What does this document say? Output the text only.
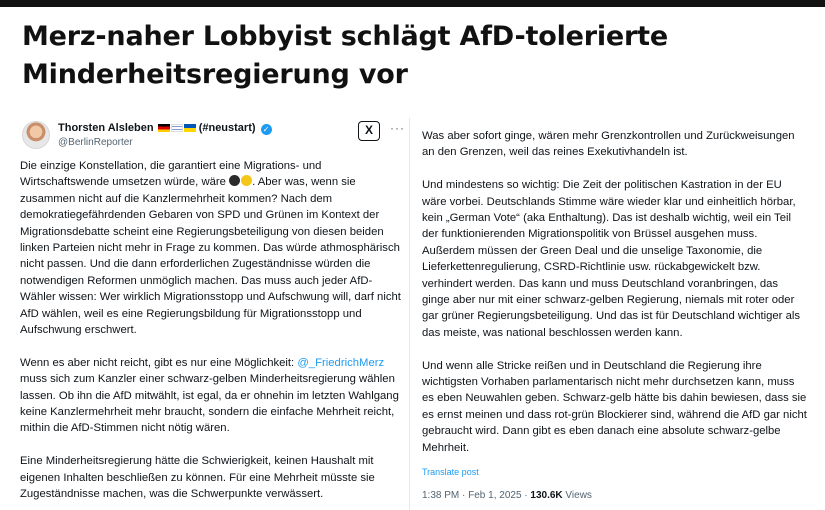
Merz-naher Lobbyist schlägt AfD-tolerierte
Minderheitsregierung vor
Thorsten Alsleben	(#neustart) ✓
@BerlinReporter
X	···

Die einzige Konstellation, die garantiert eine Migrations- und Wirtschaftswende umsetzen würde, wäre . Aber was, wenn sie zusammen nicht auf die Kanzlermehrheit kommen? Nach dem demokratiegefährdenden Gebaren von SPD und Grünen im Kontext der Migrationsdebatte scheint eine Regierungsbeteiligung von diesen beiden linken Parteien nicht mehr in Frage zu kommen. Das würde athmosphärisch nicht passen. Und die dann erforderlichen Zugeständnisse würden die notwendigen Reformen unmöglich machen. Das muss auch jeder AfD-Wähler wissen: Wer wirklich Migrationsstopp und Aufschwung will, darf nicht AfD wählen, weil es eine Regierungsbildung für Migrationsstopp und Aufschwung erschwert.

Wenn es aber nicht reicht, gibt es nur eine Möglichkeit: @_FriedrichMerz muss sich zum Kanzler einer schwarz-gelben Minderheitsregierung wählen lassen. Ob ihn die AfD mitwählt, ist egal, da er ohnehin im letzten Wahlgang keine Kanzlermehrheit mehr braucht, sondern die einfache Mehrheit reicht, mithin die AfD-Stimmen nicht nötig wären.

Eine Minderheitsregierung hätte die Schwierigkeit, keinen Haushalt mit eigenen Inhalten beschließen zu können. Für eine Mehrheit müsste sie Zugeständnisse machen, was die Schwerpunkte verwässert.

Was aber sofort ginge, wären mehr Grenzkontrollen und Zurückweisungen an den Grenzen, weil das reines Exekutivhandeln ist.

Und mindestens so wichtig: Die Zeit der politischen Kastration in der EU wäre vorbei. Deutschlands Stimme wäre wieder klar und einheitlich hörbar, kein „German Vote“ (aka Enthaltung). Das ist deshalb wichtig, weil ein Teil der funktionierenden Migrationspolitik von Brüssel ausgehen muss. Außerdem müssen der Green Deal und die unselige Taxonomie, die Lieferkettenregulierung, CSRD-Richtlinie usw. rückabgewickelt bzw. verhindert werden. Das kann und muss Deutschland voranbringen, das ginge aber nur mit einer schwarz-gelben Regierung, niemals mit roter oder gar grüner Regierungsbeteiligung. Und das ist für Deutschland wichtiger als das meiste, was national beschlossen werden kann.

Und wenn alle Stricke reißen und in Deutschland die Regierung ihre wichtigsten Vorhaben parlamentarisch nicht mehr durchsetzen kann, muss es eben Neuwahlen geben. Schwarz-gelb hätte bis dahin bewiesen, dass sie es ernst meinen und dass rot-grün Blockierer sind, während die AfD gar nicht gebraucht wird. Dann gibt es eben danach eine absolute schwarz-gelbe Mehrheit.

Translate post
1:38 PM · Feb 1, 2025 · 130.6K Views
